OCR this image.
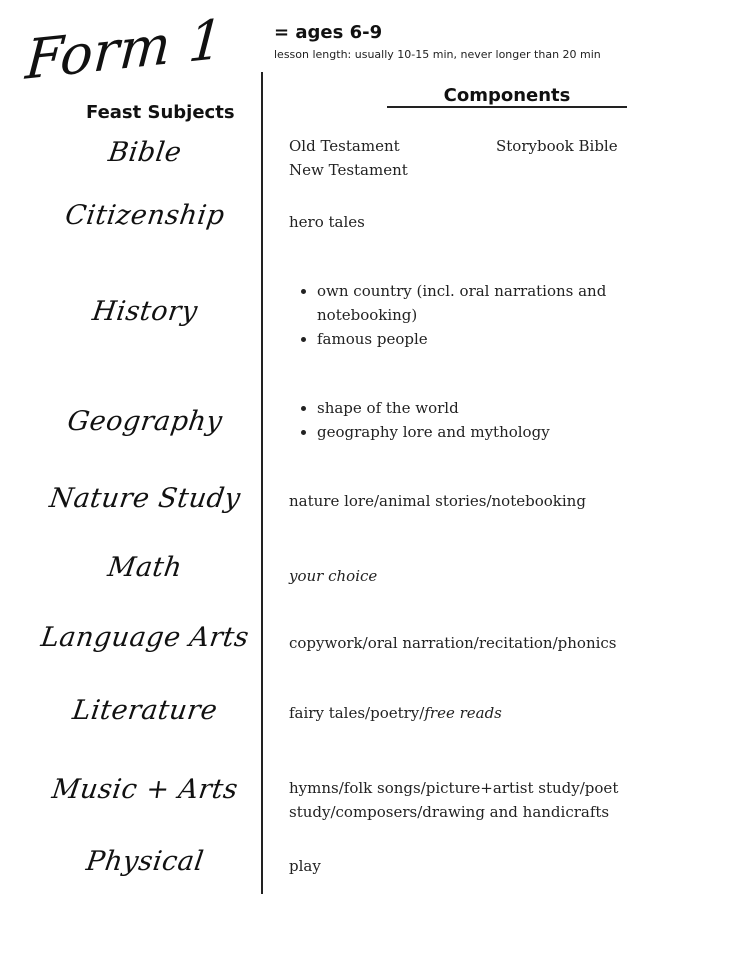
Form 1	= ages 6-9
lesson length: usually 10-15 min, never longer than 20 min
Feast Subjects
Components
Bible	Old Testament
New Testament
Storybook Bible
Citizenship	hero tales
History
• own country (incl. oral narrations and notebooking)
• famous people
Geography
•	shape of the world
• geography lore and mythology
Nature Study	nature lore/animal stories/notebooking
Math	your choice
Language Arts	copywork/oral narration/recitation/phonics
Literature	fairy tales/poetry/free reads
Music + Arts	hymns/folk songs/picture+artist study/poet
study/composers/drawing and handicrafts
Physical	play
